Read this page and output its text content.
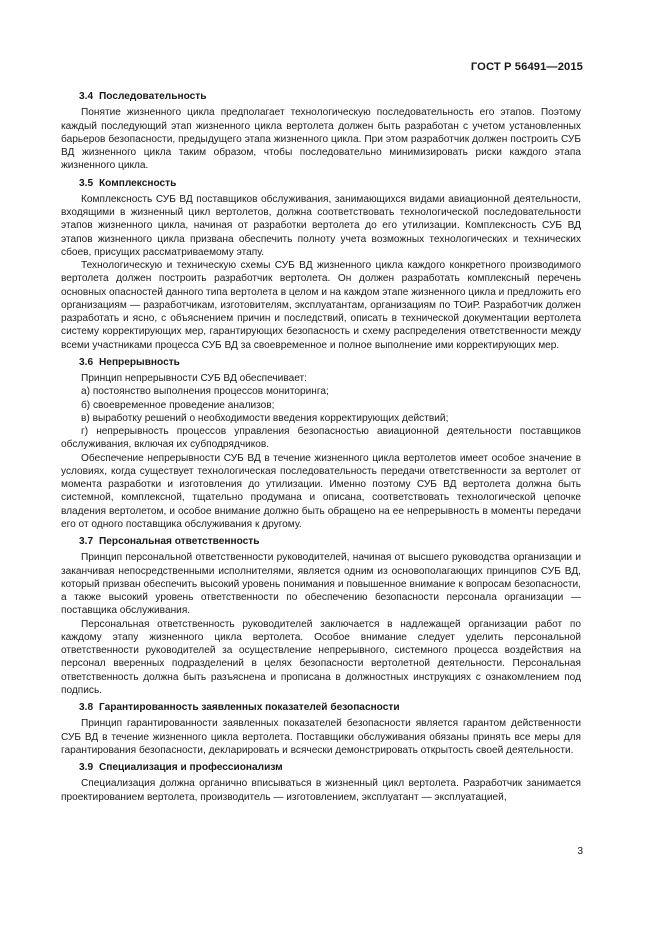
ГОСТ Р 56491—2015
3.4 Последовательность

Понятие жизненного цикла предполагает технологическую последовательность его этапов. Поэтому каждый последующий этап жизненного цикла вертолета должен быть разработан с учетом установленных барьеров безопасности, предыдущего этапа жизненного цикла. При этом разработчик должен построить СУБ ВД жизненного цикла таким образом, чтобы последовательно минимизировать риски каждого этапа жизненного цикла.

3.5 Комплексность

Комплексность СУБ ВД поставщиков обслуживания, занимающихся видами авиационной деятельности, входящими в жизненный цикл вертолетов, должна соответствовать технологической последовательности этапов жизненного цикла, начиная от разработки вертолета до его утилизации. Комплексность СУБ ВД этапов жизненного цикла призвана обеспечить полноту учета возможных технологических и технических сбоев, присущих рассматриваемому этапу.

Технологическую и техническую схемы СУБ ВД жизненного цикла каждого конкретного производимого вертолета должен построить разработчик вертолета. Он должен разработать комплексный перечень основных опасностей данного типа вертолета в целом и на каждом этапе жизненного цикла и предложить его организациям — разработчикам, изготовителям, эксплуатантам, организациям по ТОиР. Разработчик должен разработать и ясно, с объяснением причин и последствий, описать в технической документации вертолета систему корректирующих мер, гарантирующих безопасность и схему распределения ответственности между всеми участниками процесса СУБ ВД за своевременное и полное выполнение ими корректирующих мер.

3.6 Непрерывность

Принцип непрерывности СУБ ВД обеспечивает:

а) постоянство выполнения процессов мониторинга;

б) своевременное проведение анализов;

в) выработку решений о необходимости введения корректирующих действий;

г) непрерывность процессов управления безопасностью авиационной деятельности поставщиков обслуживания, включая их субподрядчиков.

Обеспечение непрерывности СУБ ВД в течение жизненного цикла вертолетов имеет особое значение в условиях, когда существует технологическая последовательность передачи ответственности за вертолет от момента разработки и изготовления до утилизации. Именно поэтому СУБ ВД вертолета должна быть системной, комплексной, тщательно продумана и описана, соответствовать технологической цепочке владения вертолетом, и особое внимание должно быть обращено на ее непрерывность в моменты передачи его от одного поставщика обслуживания к другому.

3.7 Персональная ответственность

Принцип персональной ответственности руководителей, начиная от высшего руководства организации и заканчивая непосредственными исполнителями, является одним из основополагающих принципов СУБ ВД, который призван обеспечить высокий уровень понимания и повышенное внимание к вопросам безопасности, а также высокий уровень ответственности по обеспечению безопасности персонала организации — поставщика обслуживания.

Персональная ответственность руководителей заключается в надлежащей организации работ по каждому этапу жизненного цикла вертолета. Особое внимание следует уделить персональной ответственности руководителей за осуществление непрерывного, системного процесса воздействия на персонал вверенных подразделений в целях безопасности вертолетной деятельности. Персональная ответственность должна быть разъяснена и прописана в должностных инструкциях с ознакомлением под подпись.

3.8 Гарантированность заявленных показателей безопасности

Принцип гарантированности заявленных показателей безопасности является гарантом действенности СУБ ВД в течение жизненного цикла вертолета. Поставщики обслуживания обязаны принять все меры для гарантирования безопасности, декларировать и всячески демонстрировать открытость своей деятельности.

3.9 Специализация и профессионализм

Специализация должна органично вписываться в жизненный цикл вертолета. Разработчик занимается проектированием вертолета, производитель — изготовлением, эксплуатант — эксплуатацией,

3
